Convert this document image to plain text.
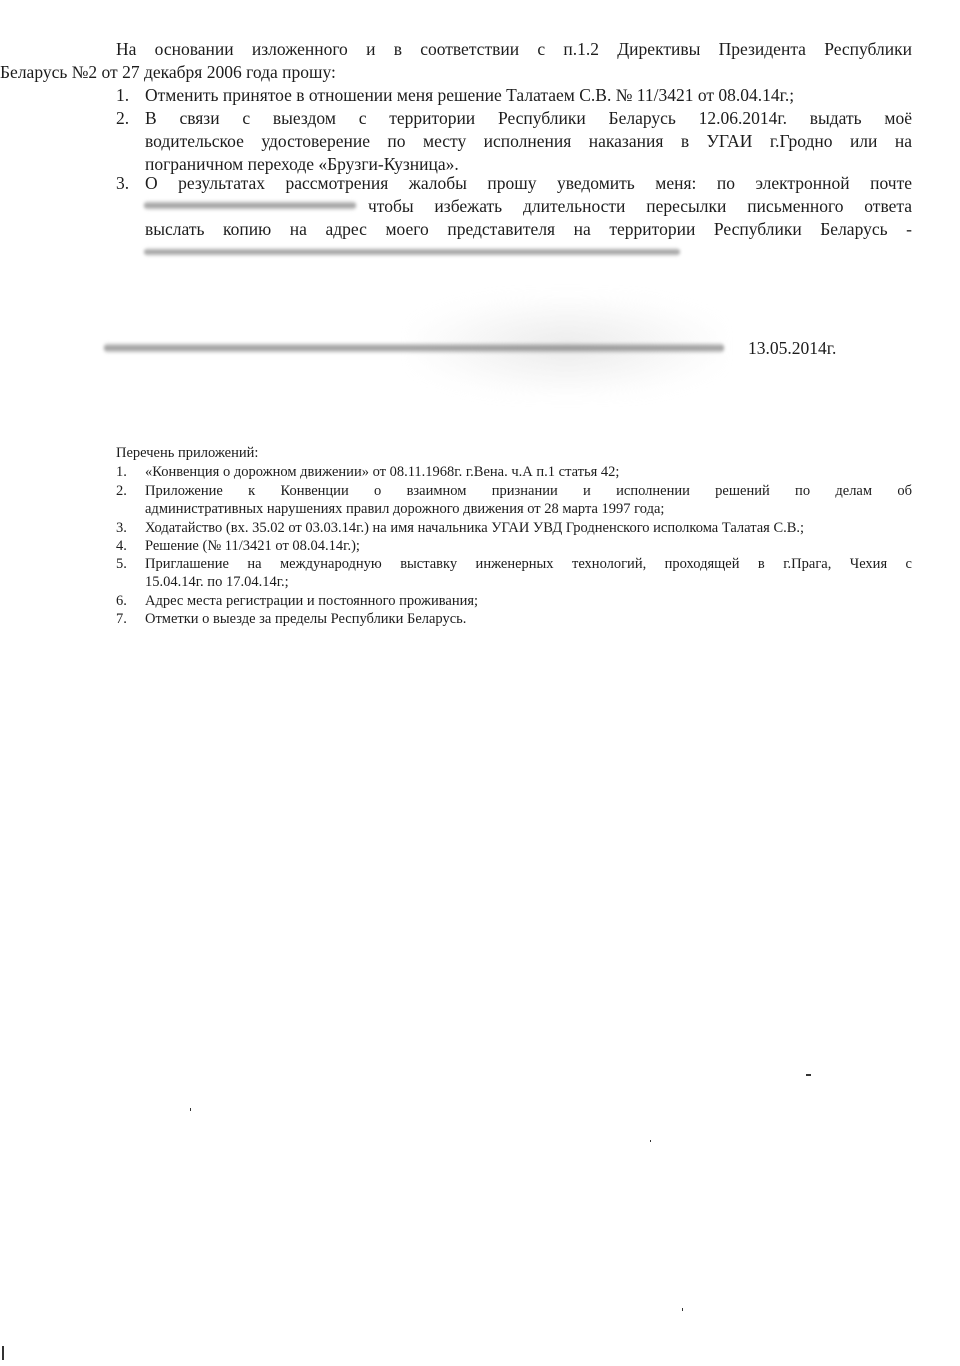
На основании изложенного и в соответствии с п.1.2 Директивы Президента Республики
Беларусь №2 от 27 декабря 2006 года прошу:
1. Отменить принятое в отношении меня решение Талатаем С.В. № 11/3421 от 08.04.14г.;
2. В связи с выездом с территории Республики Беларусь 12.06.2014г. выдать моё
водительское удостоверение по месту исполнения наказания в УГАИ г.Гродно или на
пограничном переходе «Брузги-Кузница».
3. О результатах рассмотрения жалобы прошу уведомить меня: по электронной почте
чтобы избежать длительности пересылки письменного ответа
выслать копию на адрес моего представителя на территории Республики Беларусь -
13.05.2014г.
Перечень приложений:
1. «Конвенция о дорожном движении» от 08.11.1968г. г.Вена. ч.А п.1 статья 42;
2. Приложение к Конвенции о взаимном признании и исполнении решений по делам об
административных нарушениях правил дорожного движения от 28 марта 1997 года;
3. Ходатайство (вх. 35.02 от 03.03.14г.) на имя начальника УГАИ УВД Гродненского исполкома Талатая С.В.;
4. Решение (№ 11/3421 от 08.04.14г.);
5. Приглашение на международную выставку инженерных технологий, проходящей в г.Прага, Чехия с
15.04.14г. по 17.04.14г.;
6. Адрес места регистрации и постоянного проживания;
7. Отметки о выезде за пределы Республики Беларусь.
